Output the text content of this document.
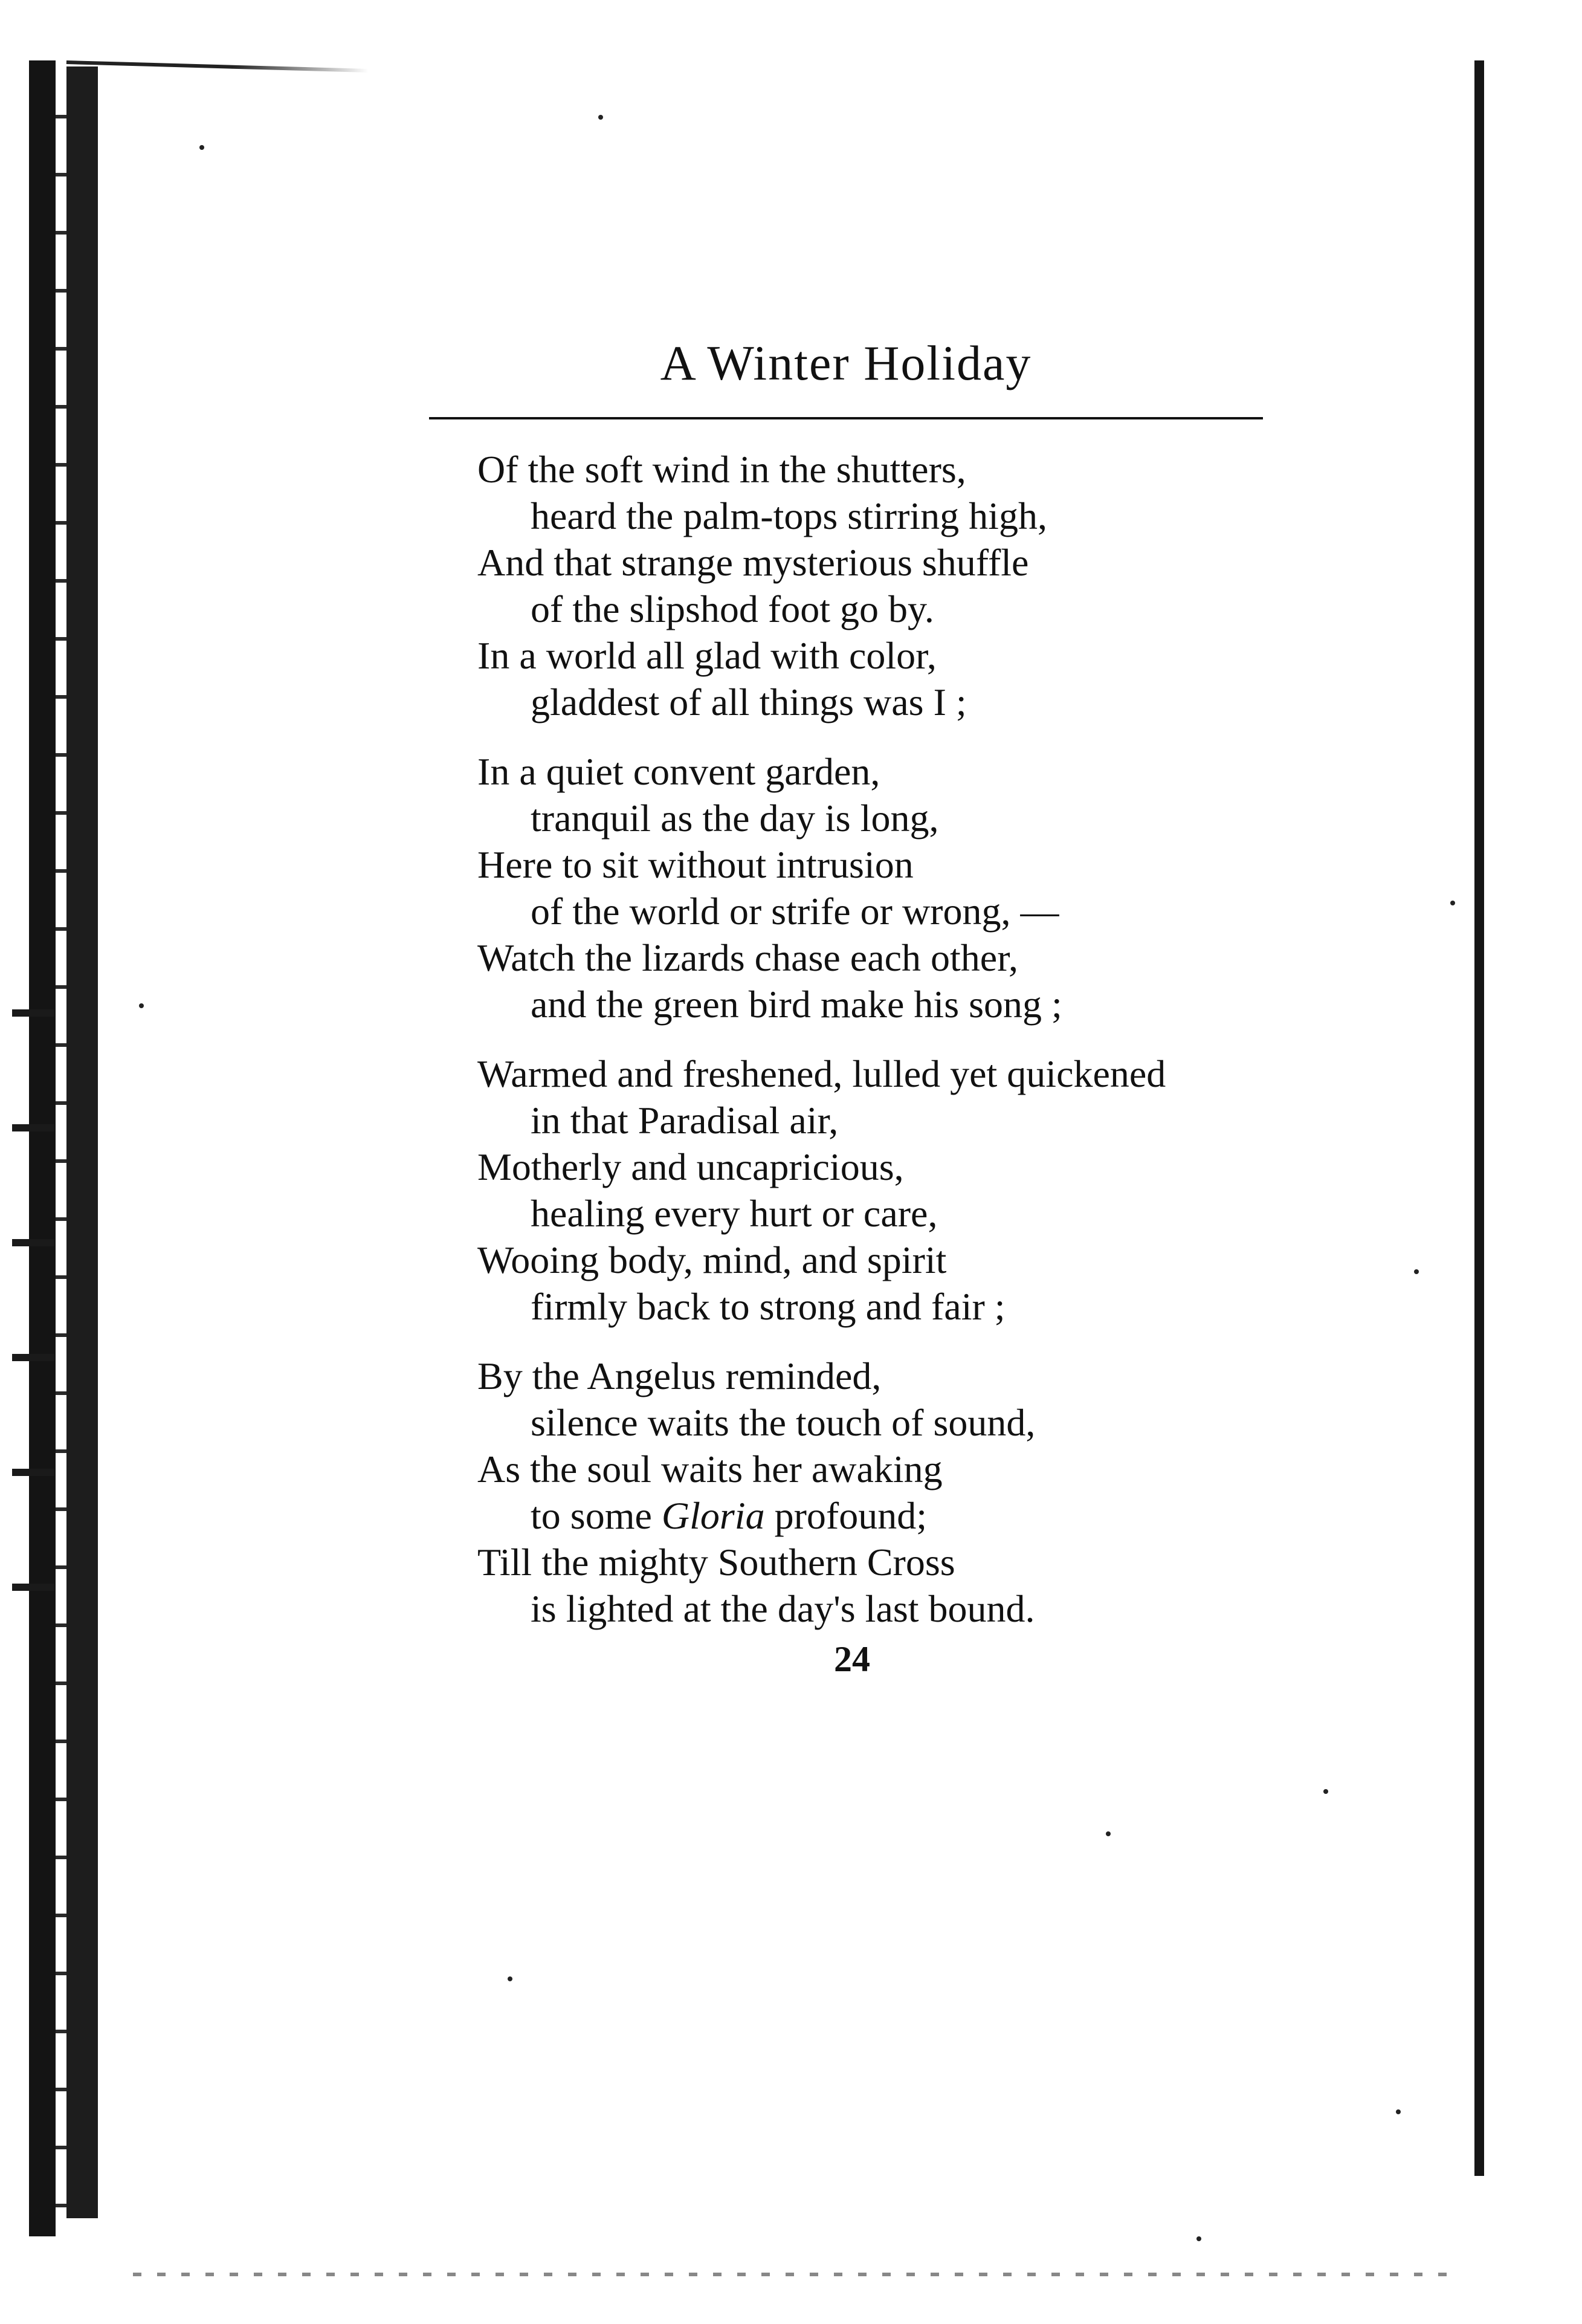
A Winter Holiday
Of the soft wind in the shutters,
heard the palm-tops stirring high,
And that strange mysterious shuffle
of the slipshod foot go by.
In a world all glad with color,
gladdest of all things was I ;
In a quiet convent garden,
tranquil as the day is long,
Here to sit without intrusion
of the world or strife or wrong, —
Watch the lizards chase each other,
and the green bird make his song ;
Warmed and freshened, lulled yet quickened
in that Paradisal air,
Motherly and uncapricious,
healing every hurt or care,
Wooing body, mind, and spirit
firmly back to strong and fair ;
By the Angelus reminded,
silence waits the touch of sound,
As the soul waits her awaking
to some Gloria profound;
Till the mighty Southern Cross
is lighted at the day's last bound.
24
